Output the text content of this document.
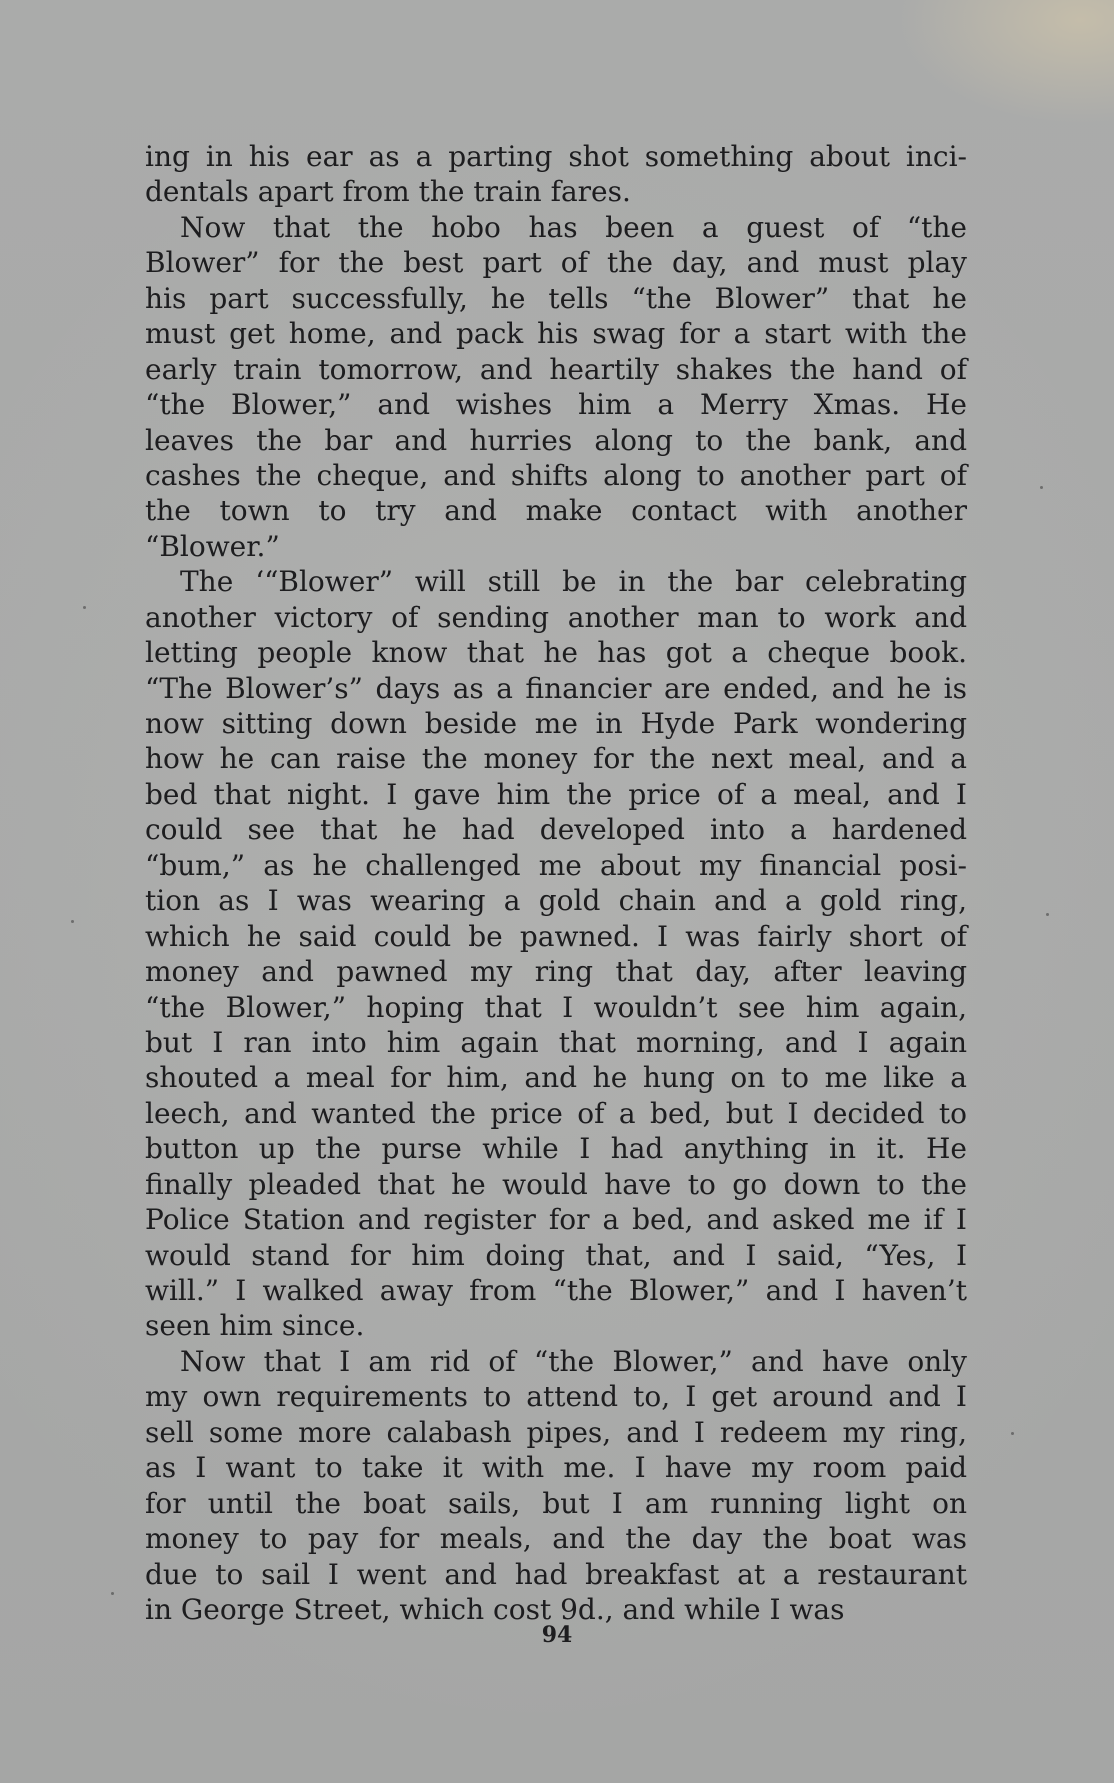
ing in his ear as a parting shot something about inci-
dentals apart from the train fares.
Now that the hobo has been a guest of “the
Blower” for the best part of the day, and must play
his part successfully, he tells “the Blower” that he
must get home, and pack his swag for a start with the
early train tomorrow, and heartily shakes the hand of
“the Blower,” and wishes him a Merry Xmas. He
leaves the bar and hurries along to the bank, and
cashes the cheque, and shifts along to another part of
the town to try and make contact with another
“Blower.”
The ‘“Blower” will still be in the bar celebrating
another victory of sending another man to work and
letting people know that he has got a cheque book.
“The Blower’s” days as a financier are ended, and he is
now sitting down beside me in Hyde Park wondering
how he can raise the money for the next meal, and a
bed that night. I gave him the price of a meal, and I
could see that he had developed into a hardened
“bum,” as he challenged me about my financial posi-
tion as I was wearing a gold chain and a gold ring,
which he said could be pawned. I was fairly short of
money and pawned my ring that day, after leaving
“the Blower,” hoping that I wouldn’t see him again,
but I ran into him again that morning, and I again
shouted a meal for him, and he hung on to me like a
leech, and wanted the price of a bed, but I decided to
button up the purse while I had anything in it. He
finally pleaded that he would have to go down to the
Police Station and register for a bed, and asked me if I
would stand for him doing that, and I said, “Yes, I
will.” I walked away from “the Blower,” and I haven’t
seen him since.
Now that I am rid of “the Blower,” and have only
my own requirements to attend to, I get around and I
sell some more calabash pipes, and I redeem my ring,
as I want to take it with me. I have my room paid
for until the boat sails, but I am running light on
money to pay for meals, and the day the boat was
due to sail I went and had breakfast at a restaurant
in George Street, which cost 9d., and while I was
94
